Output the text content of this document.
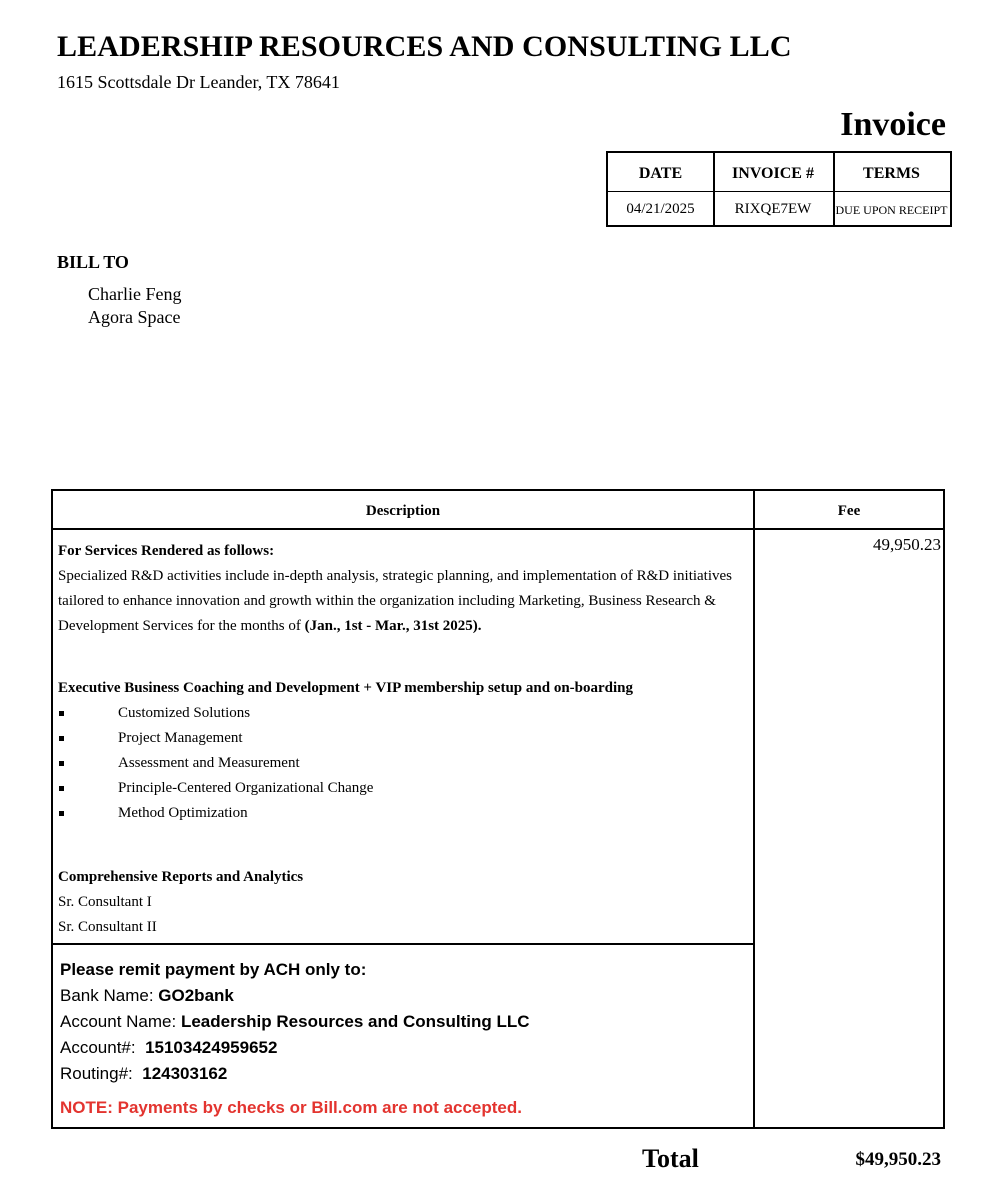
LEADERSHIP RESOURCES AND CONSULTING LLC
1615 Scottsdale Dr Leander, TX 78641
Invoice
DATE
04/21/2025
INVOICE #
RIXQE7EW
TERMS
DUE UPON RECEIPT
BILL TO
Charlie Feng
Agora Space
Description	Fee
49,950.23
For Services Rendered as follows:
Specialized R&D activities include in-depth analysis, strategic planning, and implementation of R&D initiatives tailored to enhance innovation and growth within the organization including Marketing, Business Research & Development Services for the months of (Jan., 1st - Mar., 31st 2025).
Executive Business Coaching and Development + VIP membership setup and on-boarding
Customized Solutions
Project Management
Assessment and Measurement
Principle-Centered Organizational Change
Method Optimization
Comprehensive Reports and Analytics
Sr. Consultant I
Sr. Consultant II
Please remit payment by ACH only to:
Bank Name: GO2bank
Account Name: Leadership Resources and Consulting LLC
Account#: 15103424959652
Routing#: 124303162
NOTE: Payments by checks or Bill.com are not accepted.
Total	$49,950.23
